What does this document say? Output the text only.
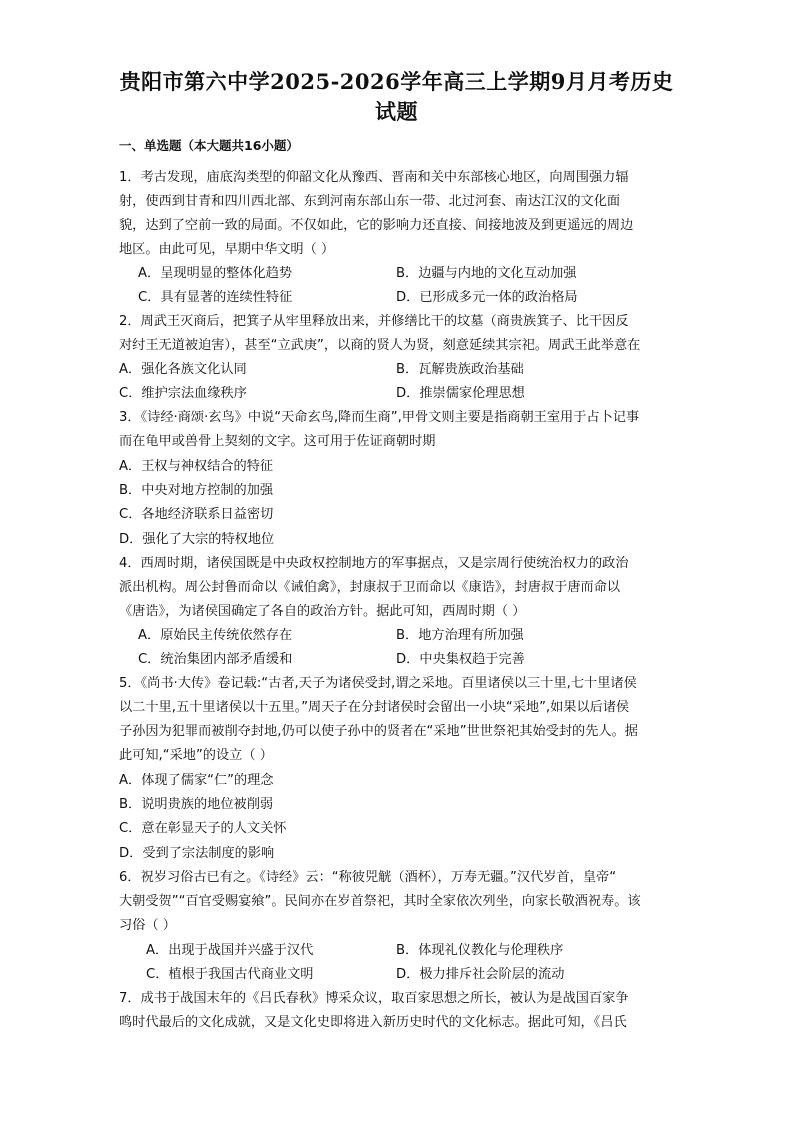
贵阳市第六中学2025-2026学年高三上学期9月月考历史
试题
一、单选题（本大题共16小题）
1．考古发现，庙底沟类型的仰韶文化从豫西、晋南和关中东部核心地区，向周围强力辐
射，使西到甘青和四川西北部、东到河南东部山东一带、北过河套、南达江汉的文化面
貌，达到了空前一致的局面。不仅如此，它的影响力还直接、间接地波及到更遥远的周边
地区。由此可见，早期中华文明（ ）
A．呈现明显的整体化趋势	B．边疆与内地的文化互动加强
C．具有显著的连续性特征	D．已形成多元一体的政治格局
2．周武王灭商后，把箕子从牢里释放出来，并修缮比干的坟墓（商贵族箕子、比干因反
对纣王无道被迫害），甚至“立武庚”，以商的贤人为贤，刻意延续其宗祀。周武王此举意在
A．强化各族文化认同	B．瓦解贵族政治基础
C．维护宗法血缘秩序	D．推崇儒家伦理思想
3．《诗经·商颂·玄鸟》中说“天命玄鸟,降而生商”,甲骨文则主要是指商朝王室用于占卜记事
而在龟甲或兽骨上契刻的文字。这可用于佐证商朝时期
A．王权与神权结合的特征
B．中央对地方控制的加强
C．各地经济联系日益密切
D．强化了大宗的特权地位
4．西周时期，诸侯国既是中央政权控制地方的军事据点，又是宗周行使统治权力的政治
派出机构。周公封鲁而命以《诫伯禽》，封康叔于卫而命以《康诰》，封唐叔于唐而命以
《唐诰》，为诸侯国确定了各自的政治方针。据此可知，西周时期（ ）
A．原始民主传统依然存在	B．地方治理有所加强
C．统治集团内部矛盾缓和	D．中央集权趋于完善
5．《尚书·大传》卷记载:“古者,天子为诸侯受封,谓之采地。百里诸侯以三十里,七十里诸侯
以二十里,五十里诸侯以十五里。”周天子在分封诸侯时会留出一小块“采地”,如果以后诸侯
子孙因为犯罪而被削夺封地,仍可以使子孙中的贤者在“采地”世世祭祀其始受封的先人。据
此可知,“采地”的设立（ ）
A．体现了儒家“仁”的理念
B．说明贵族的地位被削弱
C．意在彰显天子的人文关怀
D．受到了宗法制度的影响
6．祝岁习俗古已有之。《诗经》云：“称彼兕觥（酒杯），万寿无疆。”汉代岁首，皇帝“
大朝受贺”“百官受赐宴飨”。民间亦在岁首祭祀，其时全家依次列坐，向家长敬酒祝寿。该
习俗（ ）
A．出现于战国并兴盛于汉代	B．体现礼仪教化与伦理秩序
C．植根于我国古代商业文明	D．极力排斥社会阶层的流动
7．成书于战国末年的《吕氏春秋》博采众议，取百家思想之所长，被认为是战国百家争
鸣时代最后的文化成就，又是文化史即将进入新历史时代的文化标志。据此可知，《吕氏
